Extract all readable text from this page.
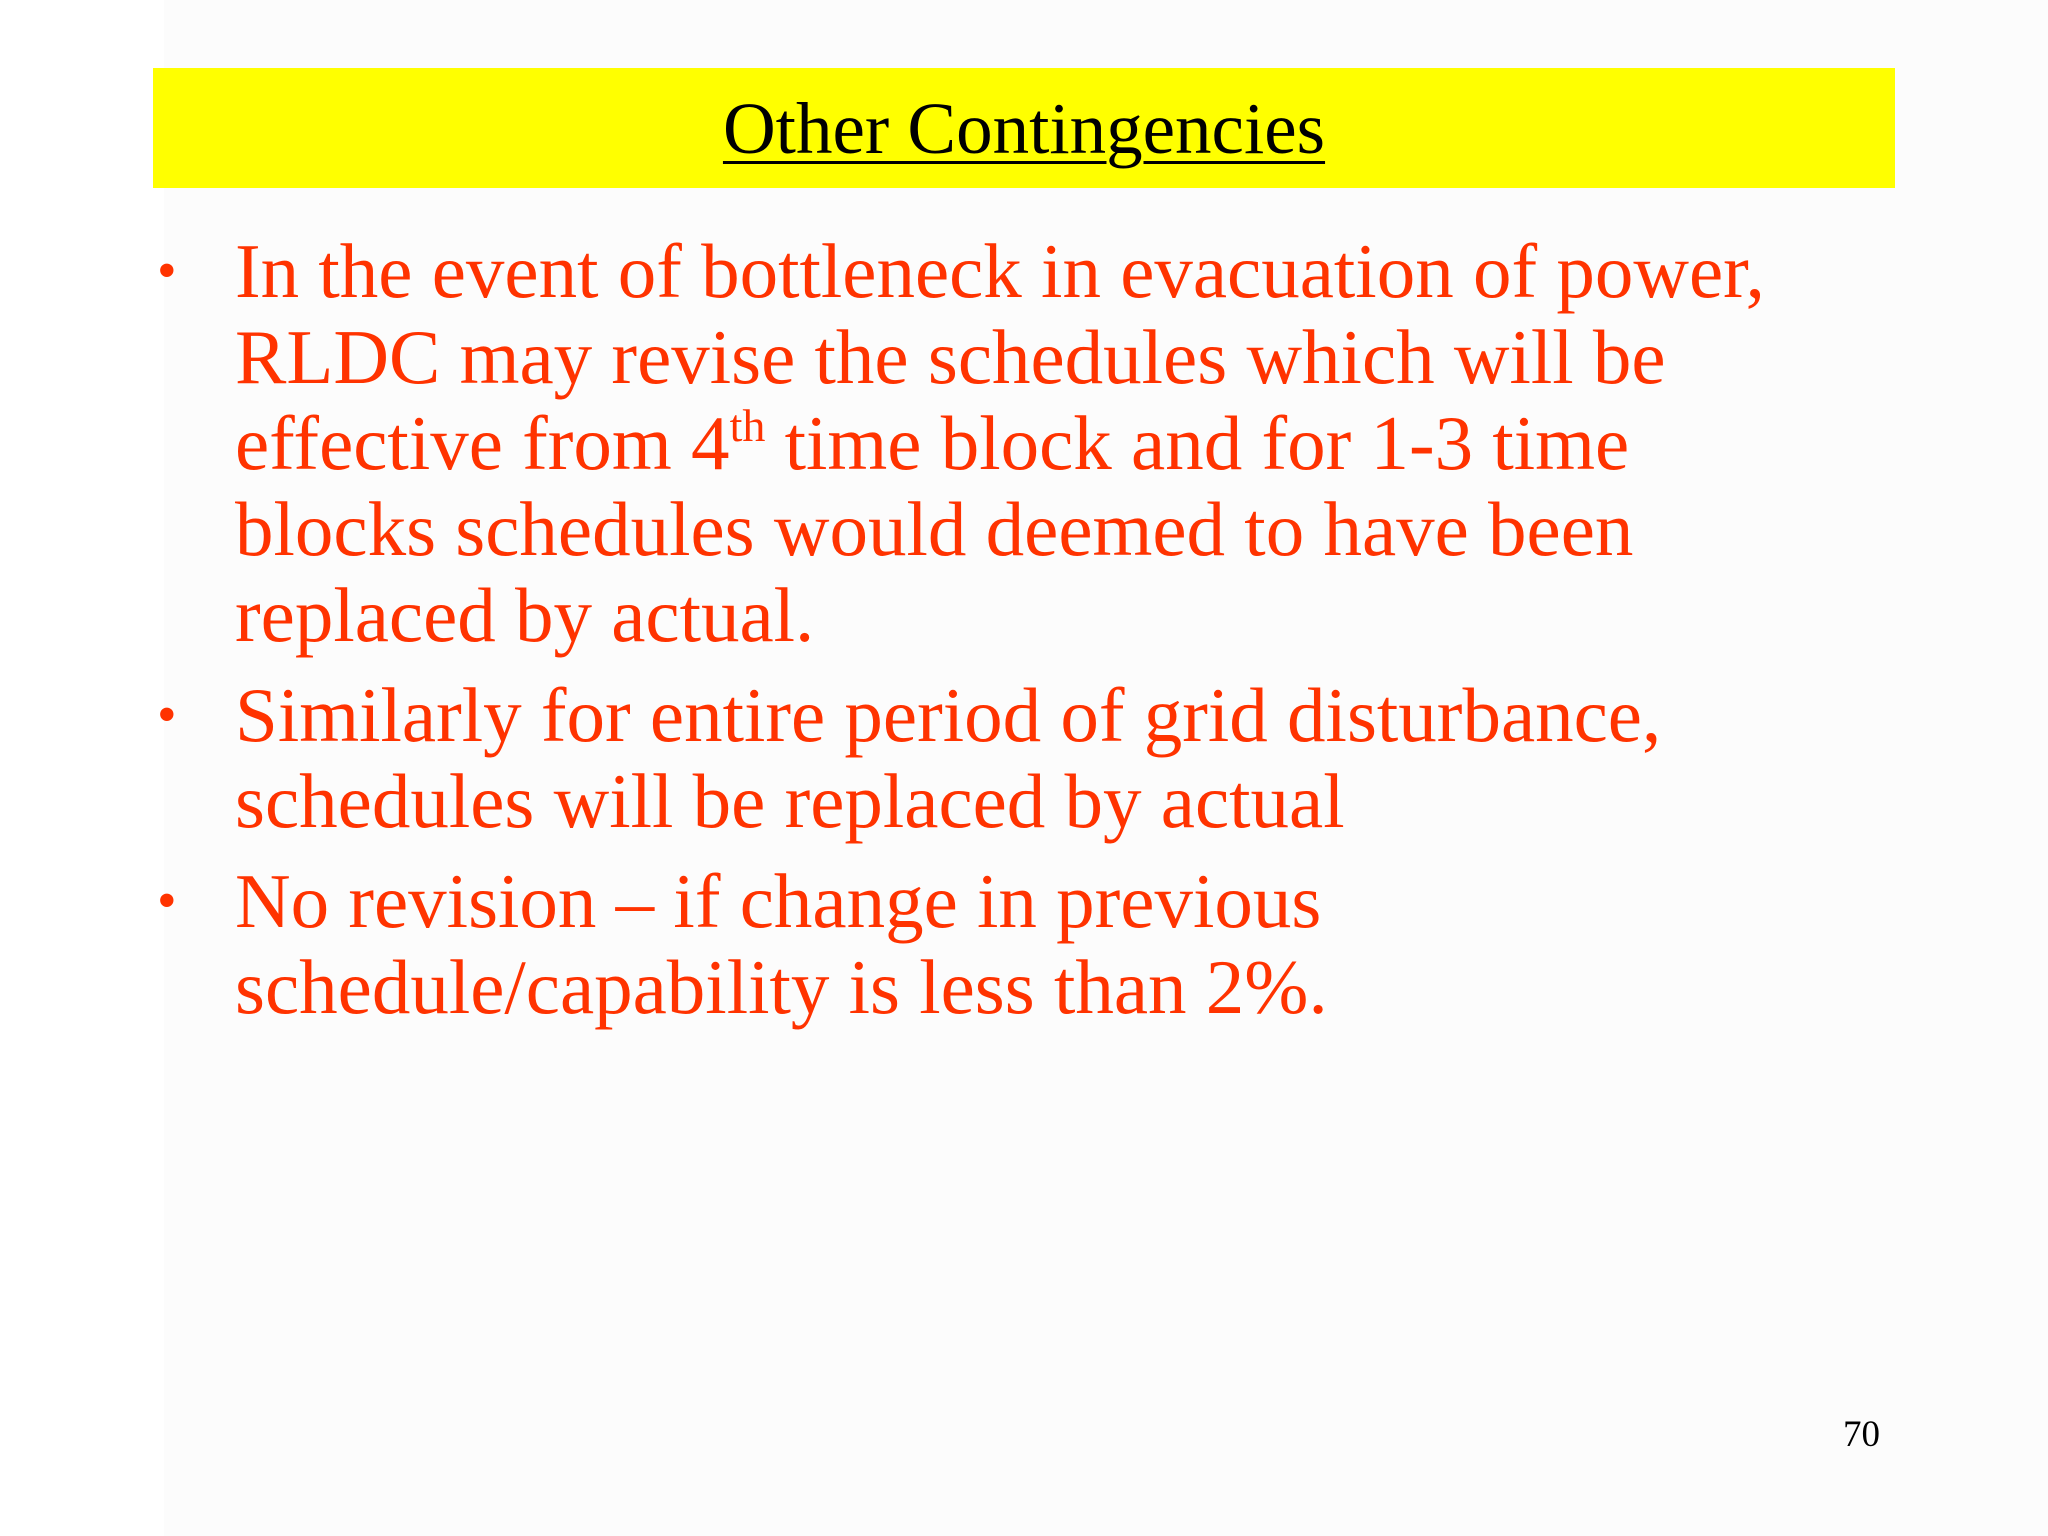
Other Contingencies
• In the event of bottleneck in evacuation of power,
RLDC may revise the schedules which will be
effective from 4th time block and for 1-3 time
blocks schedules would deemed to have been
replaced by actual.
• Similarly for entire period of grid disturbance,
schedules will be replaced by actual
• No revision – if change in previous
schedule/capability is less than 2%.
70
